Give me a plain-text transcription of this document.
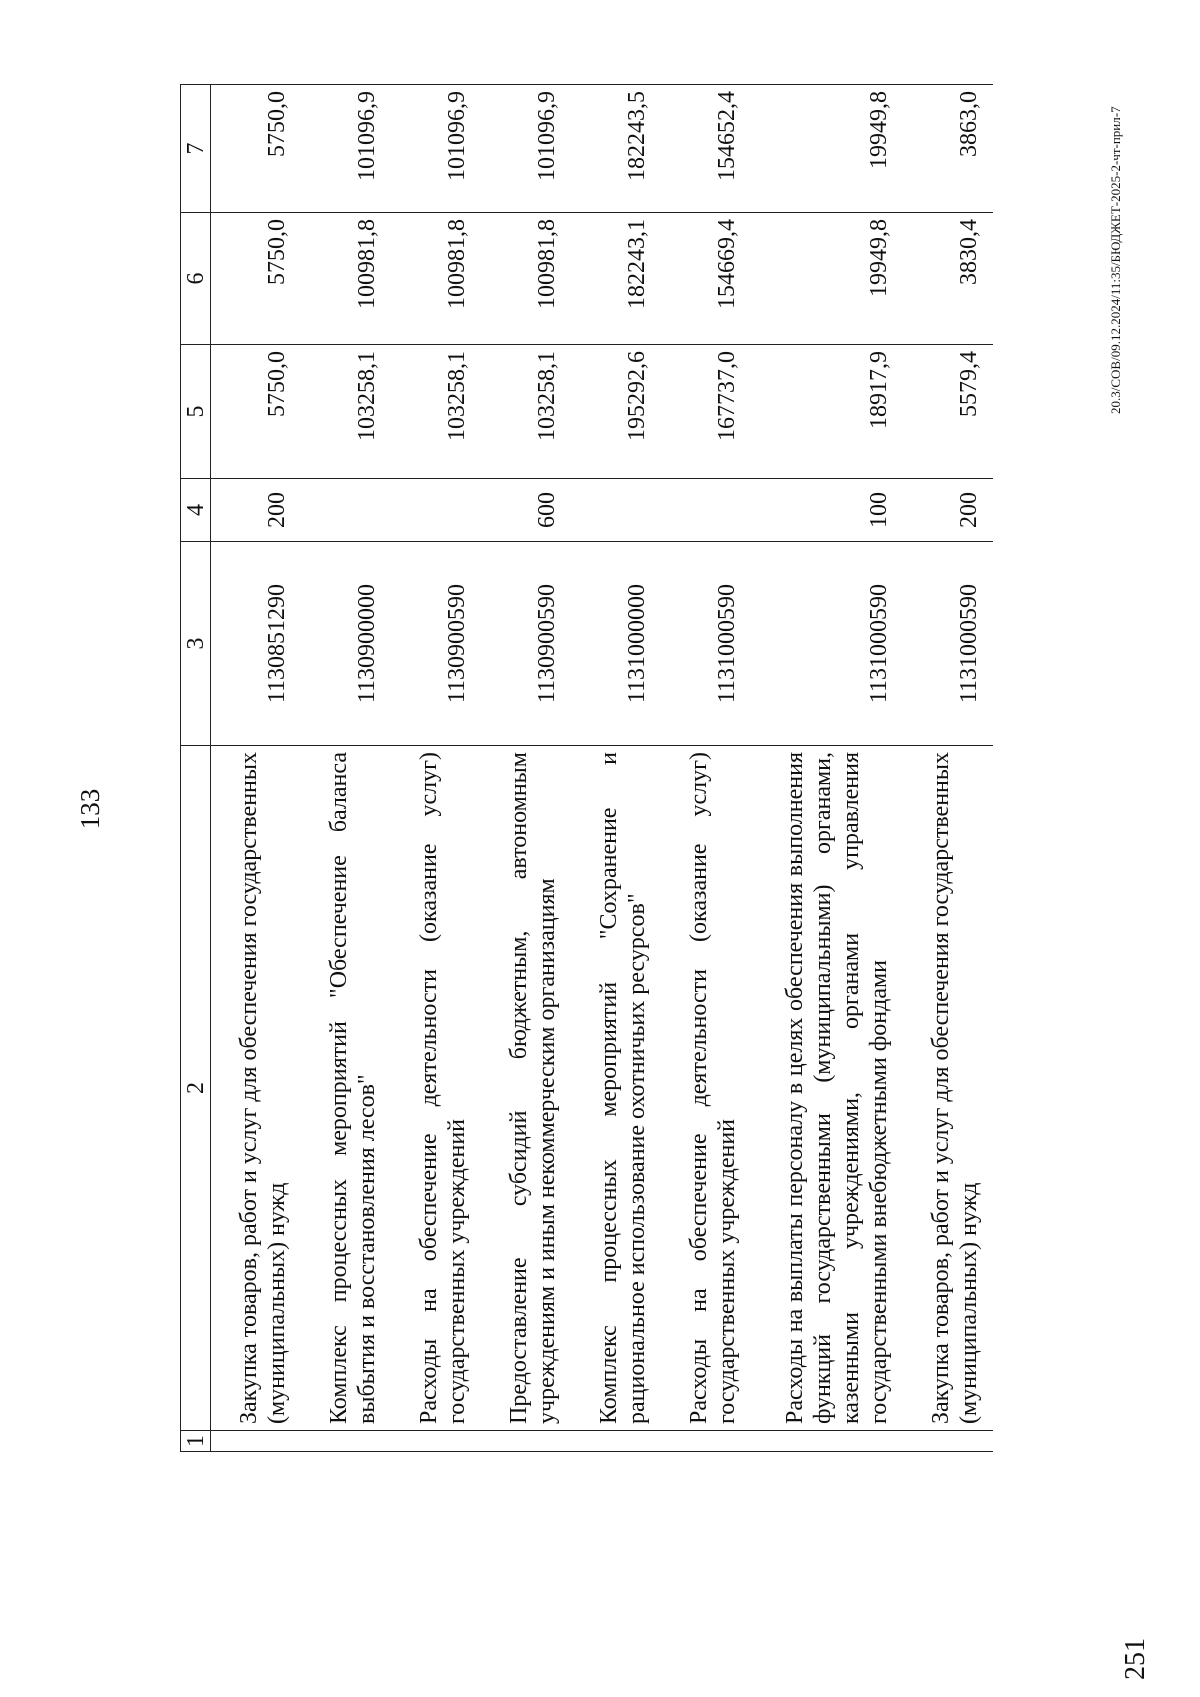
133
1	2	3	4	5	6	7
	Закупка товаров, работ и услуг для обеспечения государственных (муниципальных) нужд	1130851290	200	5750,0	5750,0	5750,0
	Комплекс процессных мероприятий "Обеспечение баланса выбытия и восстановления лесов"	1130900000		103258,1	100981,8	101096,9
	Расходы на обеспечение деятельности (оказание услуг) государственных учреждений	1130900590		103258,1	100981,8	101096,9
	Предоставление субсидий бюджетным, автономным учреждениям и иным некоммерческим организациям	1130900590	600	103258,1	100981,8	101096,9
	Комплекс процессных мероприятий "Сохранение и рациональное использование охотничьих ресурсов"	1131000000		195292,6	182243,1	182243,5
	Расходы на обеспечение деятельности (оказание услуг) государственных учреждений	1131000590		167737,0	154669,4	154652,4
	Расходы на выплаты персоналу в целях обеспечения выполнения функций государственными (муниципальными) органами, казенными учреждениями, органами управления государственными внебюджетными фондами	1131000590	100	18917,9	19949,8	19949,8
	Закупка товаров, работ и услуг для обеспечения государственных (муниципальных) нужд	1131000590	200	5579,4	3830,4	3863,0	20.3/СОВ/09.12.2024/11:35/БЮДЖЕТ-2025-2-чт-прил-7
251
